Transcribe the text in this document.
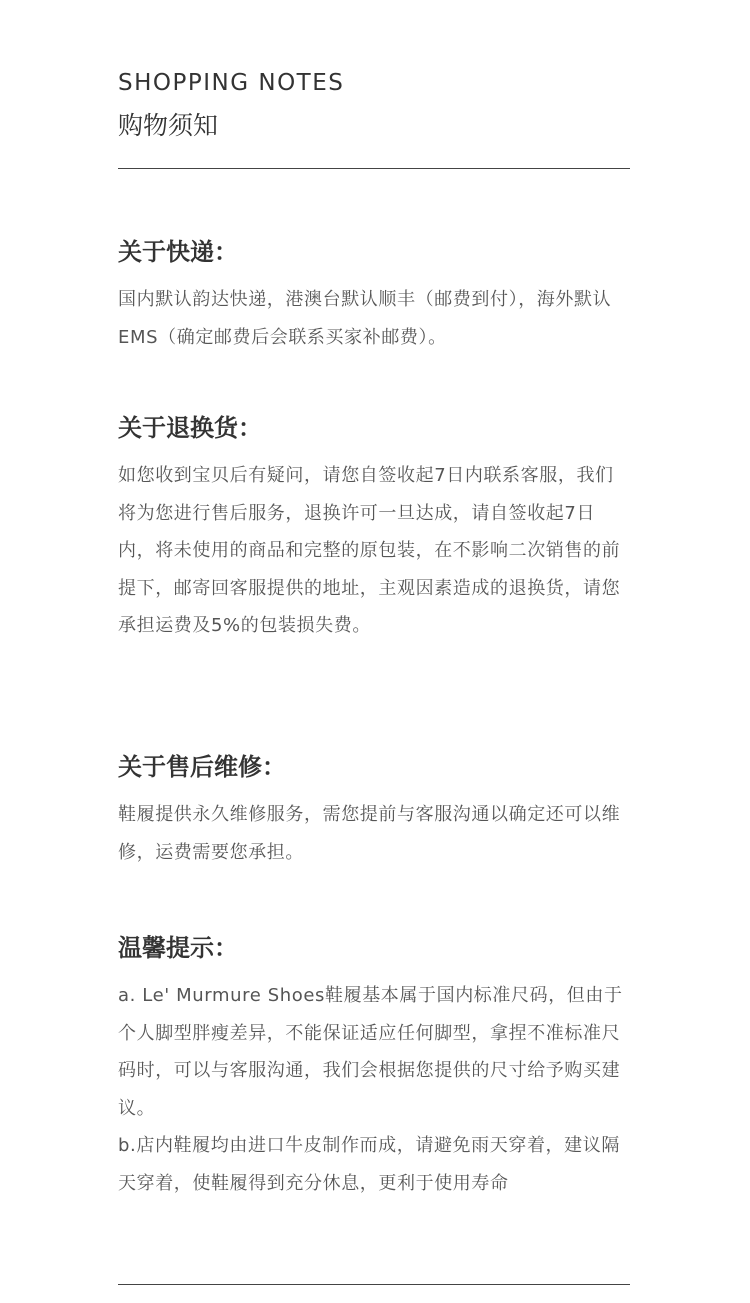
SHOPPING NOTES
购物须知
关于快递：

国内默认韵达快递，港澳台默认顺丰（邮费到付），海外默认EMS（确定邮费后会联系买家补邮费）。

关于退换货：

如您收到宝贝后有疑问，请您自签收起7日内联系客服，我们将为您进行售后服务，退换许可一旦达成，请自签收起7日内，将未使用的商品和完整的原包装，在不影响二次销售的前提下，邮寄回客服提供的地址，主观因素造成的退换货，请您承担运费及5%的包装损失费。

关于售后维修：

鞋履提供永久维修服务，需您提前与客服沟通以确定还可以维修，运费需要您承担。

温馨提示：

a. Le' Murmure Shoes鞋履基本属于国内标准尺码，但由于个人脚型胖瘦差异，不能保证适应任何脚型，拿捏不准标准尺码时，可以与客服沟通，我们会根据您提供的尺寸给予购买建议。

b.店内鞋履均由进口牛皮制作而成，请避免雨天穿着，建议隔天穿着，使鞋履得到充分休息，更利于使用寿命
